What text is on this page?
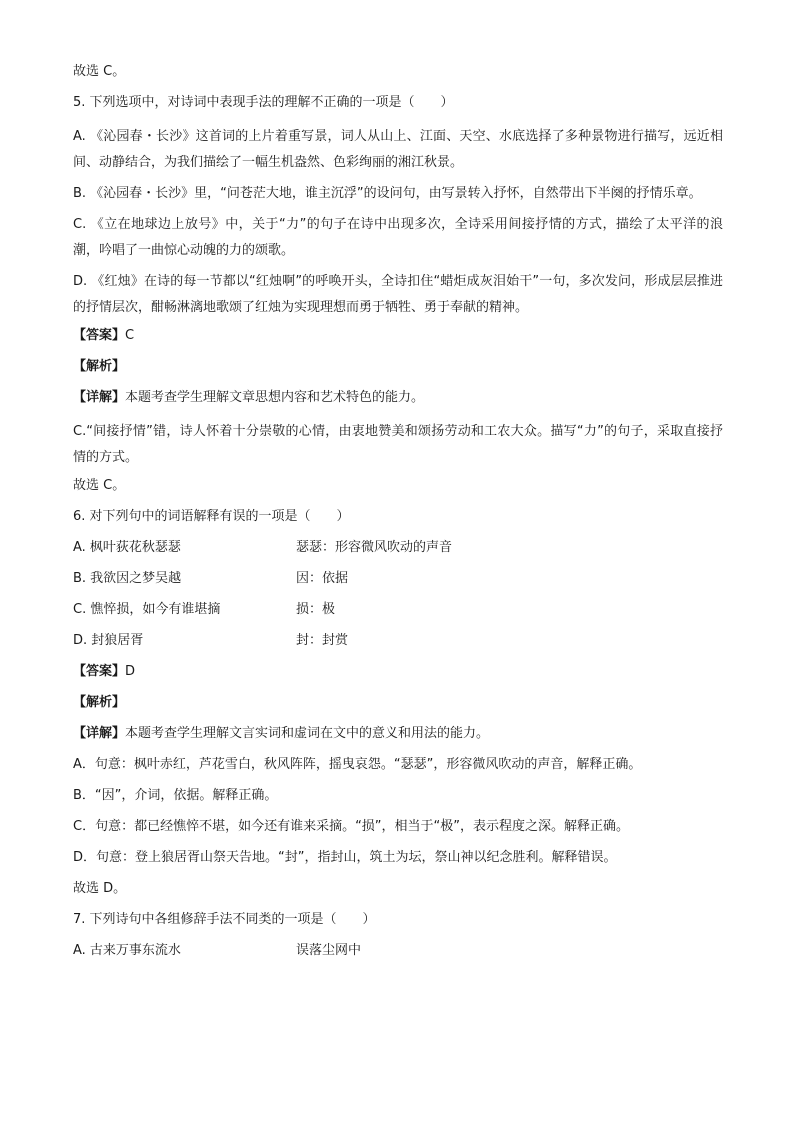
故选 C。
5. 下列选项中，对诗词中表现手法的理解不正确的一项是（　　）
A. 《沁园春・长沙》这首词的上片着重写景，词人从山上、江面、天空、水底选择了多种景物进行描写，远近相间、动静结合，为我们描绘了一幅生机盎然、色彩绚丽的湘江秋景。
B. 《沁园春・长沙》里，“问苍茫大地，谁主沉浮”的设问句，由写景转入抒怀，自然带出下半阕的抒情乐章。
C. 《立在地球边上放号》中，关于“力”的句子在诗中出现多次，全诗采用间接抒情的方式，描绘了太平洋的浪潮，吟唱了一曲惊心动魄的力的颂歌。
D. 《红烛》在诗的每一节都以“红烛啊”的呼唤开头，全诗扣住“蜡炬成灰泪始干”一句，多次发问，形成层层推进的抒情层次，酣畅淋漓地歌颂了红烛为实现理想而勇于牺牲、勇于奉献的精神。
【答案】C
【解析】
【详解】本题考查学生理解文章思想内容和艺术特色的能力。
C.“间接抒情”错，诗人怀着十分崇敬的心情，由衷地赞美和颂扬劳动和工农大众。描写“力”的句子，采取直接抒情的方式。
故选 C。
6. 对下列句中的词语解释有误的一项是（　　）
A. 枫叶荻花秋瑟瑟	瑟瑟：形容微风吹动的声音
B. 我欲因之梦吴越	因：依据
C. 憔悴损，如今有谁堪摘	损：极
D. 封狼居胥	封：封赏
【答案】D
【解析】
【详解】本题考查学生理解文言实词和虚词在文中的意义和用法的能力。
A．句意：枫叶赤红，芦花雪白，秋风阵阵，摇曳哀怨。“瑟瑟”，形容微风吹动的声音，解释正确。
B．“因”，介词，依据。解释正确。
C．句意：都已经憔悴不堪，如今还有谁来采摘。“损”，相当于“极”，表示程度之深。解释正确。
D．句意：登上狼居胥山祭天告地。“封”，指封山，筑土为坛，祭山神以纪念胜利。解释错误。
故选 D。
7. 下列诗句中各组修辞手法不同类的一项是（　　）
A. 古来万事东流水	误落尘网中
